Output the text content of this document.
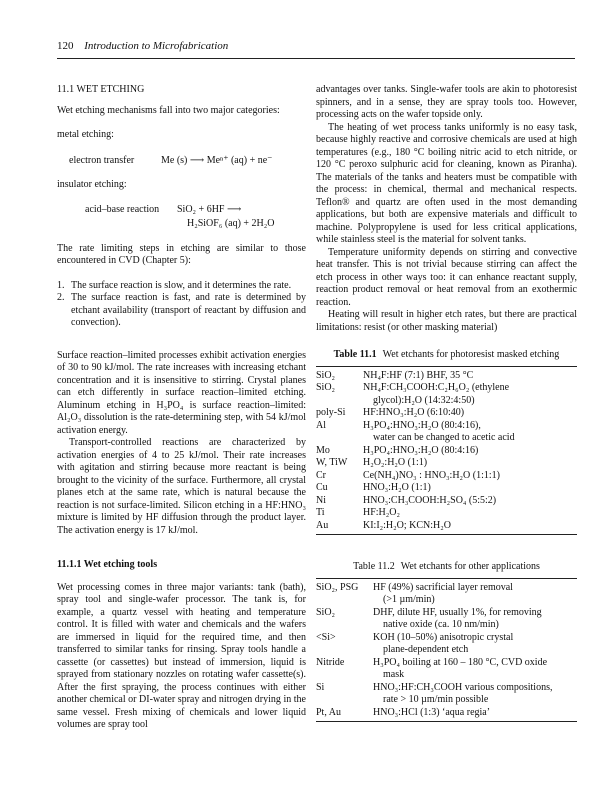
120 Introduction to Microfabrication
11.1 WET ETCHING

Wet etching mechanisms fall into two major categories:

metal etching:
electron transfer	Me (s) ⟶ Meⁿ⁺ (aq) + ne⁻
insulator etching:
acid–base reaction	SiO₂ + 6HF ⟶
H₂SiOF₆ (aq) + 2H₂O

The rate limiting steps in etching are similar to those encountered in CVD (Chapter 5):

1. The surface reaction is slow, and it determines the rate.
2. The surface reaction is fast, and rate is determined by etchant availability (transport of reactant by diffusion and convection).

Surface reaction–limited processes exhibit activation energies of 30 to 90 kJ/mol. The rate increases with increasing etchant concentration and it is insensitive to stirring. Crystal planes can etch differently in surface reaction–limited etching. Aluminum etching in H₃PO₄ is surface reaction–limited: Al₂O₃ dissolution is the rate-determining step, with 54 kJ/mol activation energy.

Transport-controlled reactions are characterized by activation energies of 4 to 25 kJ/mol. Their rate increases with agitation and stirring because more reactant is being brought to the vicinity of the surface. Furthermore, all crystal planes etch at the same rate, which is natural because the reaction is not surface-limited. Silicon etching in a HF:HNO₃ mixture is limited by HF diffusion through the product layer. The activation energy is 17 kJ/mol.

11.1.1 Wet etching tools

Wet processing comes in three major variants: tank (bath), spray tool and single-wafer processor. The tank is, for example, a quartz vessel with heating and temperature control. It is filled with water and chemicals and the wafers are immersed in liquid for the required time, and then transferred to similar tanks for rinsing. Spray tools handle a cassette (or cassettes) but instead of immersion, liquid is sprayed from stationary nozzles on rotating wafer cassette(s). After the first spraying, the process continues with either another chemical or DI-water spray and nitrogen drying in the same vessel. Fresh mixing of chemicals and lower liquid volumes are spray tool

advantages over tanks. Single-wafer tools are akin to photoresist spinners, and in a sense, they are spray tools too. However, processing acts on the wafer topside only.

The heating of wet process tanks uniformly is no easy task, because highly reactive and corrosive chemicals are used at high temperatures (e.g., 180 °C boiling nitric acid to etch nitride, or 120 °C peroxo sulphuric acid for cleaning, known as Piranha). The materials of the tanks and heaters must be compatible with the process: in chemical, thermal and mechanical respects. Teflon® and quartz are often used in the most demanding applications, but both are expensive materials and difficult to machine. Polypropylene is used for less critical applications, while stainless steel is the material for solvent tanks.

Temperature uniformity depends on stirring and convective heat transfer. This is not trivial because stirring can affect the etch process in other ways too: it can enhance reactant supply, reaction product removal or heat removal from an exothermic reaction.

Heating will result in higher etch rates, but there are practical limitations: resist (or other masking material)

Table 11.1 Wet etchants for photoresist masked etching
SiO₂	NH₄F:HF (7:1) BHF, 35 °C
SiO₂	NH₄F:CH₃COOH:C₂H₆O₂ (ethylene
	glycol):H₂O (14:32:4:50)
poly-Si	HF:HNO₃:H₂O (6:10:40)
Al	H₃PO₄:HNO₃:H₂O (80:4:16),
	water can be changed to acetic acid
Mo	H₃PO₄:HNO₃:H₂O (80:4:16)
W, TiW	H₂O₂:H₂O (1:1)
Cr	Ce(NH₄)NO₃ : HNO₃:H₂O (1:1:1)
Cu	HNO₃:H₂O (1:1)
Ni	HNO₃:CH₃COOH:H₂SO₄ (5:5:2)
Ti	HF:H₂O₂
Au	KI:I₂:H₂O; KCN:H₂O
Table 11.2 Wet etchants for other applications
SiO₂, PSG	HF (49%) sacrificial layer removal
	(>1 µm/min)
SiO₂	DHF, dilute HF, usually 1%, for removing
	native oxide (ca. 10 nm/min)
<Si>	KOH (10–50%) anisotropic crystal
	plane-dependent etch
Nitride	H₃PO₄ boiling at 160 – 180 °C, CVD oxide
	mask
Si	HNO₃:HF:CH₃COOH various compositions,
	rate > 10 µm/min possible
Pt, Au	HNO₃:HCl (1:3) ‘aqua regia’
